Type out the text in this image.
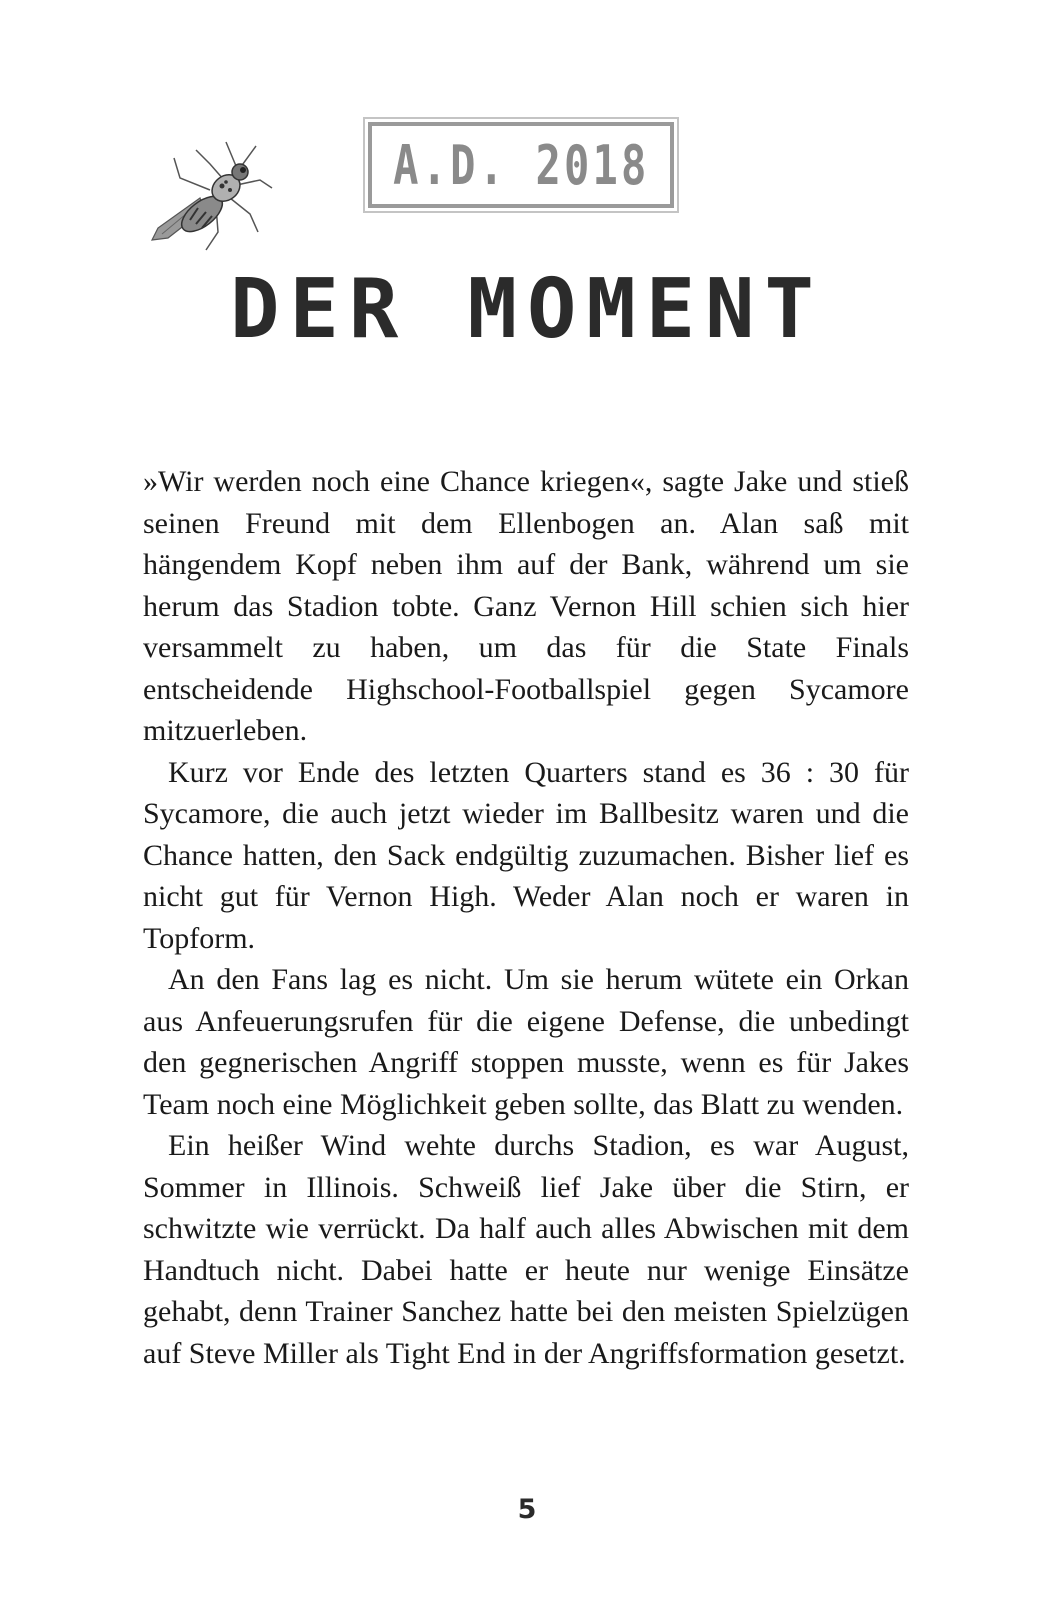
A.D. 2018
DER MOMENT

»Wir werden noch eine Chance kriegen«, sagte Jake und stieß seinen Freund mit dem Ellenbogen an. Alan saß mit hängendem Kopf neben ihm auf der Bank, während um sie herum das Stadion tobte. Ganz Vernon Hill schien sich hier versammelt zu haben, um das für die State Finals entscheidende Highschool-Footballspiel gegen Sycamore mitzuerleben.

Kurz vor Ende des letzten Quarters stand es 36 : 30 für Sycamore, die auch jetzt wieder im Ballbesitz waren und die Chance hatten, den Sack endgültig zuzumachen. Bisher lief es nicht gut für Vernon High. Weder Alan noch er waren in Topform.

An den Fans lag es nicht. Um sie herum wütete ein Orkan aus Anfeuerungsrufen für die eigene Defense, die unbedingt den gegnerischen Angriff stoppen musste, wenn es für Jakes Team noch eine Möglichkeit geben sollte, das Blatt zu wenden.

Ein heißer Wind wehte durchs Stadion, es war August, Sommer in Illinois. Schweiß lief Jake über die Stirn, er schwitzte wie verrückt. Da half auch alles Abwischen mit dem Handtuch nicht. Dabei hatte er heute nur wenige Einsätze gehabt, denn Trainer Sanchez hatte bei den meisten Spielzügen auf Steve Miller als Tight End in der Angriffsformation gesetzt.

5
